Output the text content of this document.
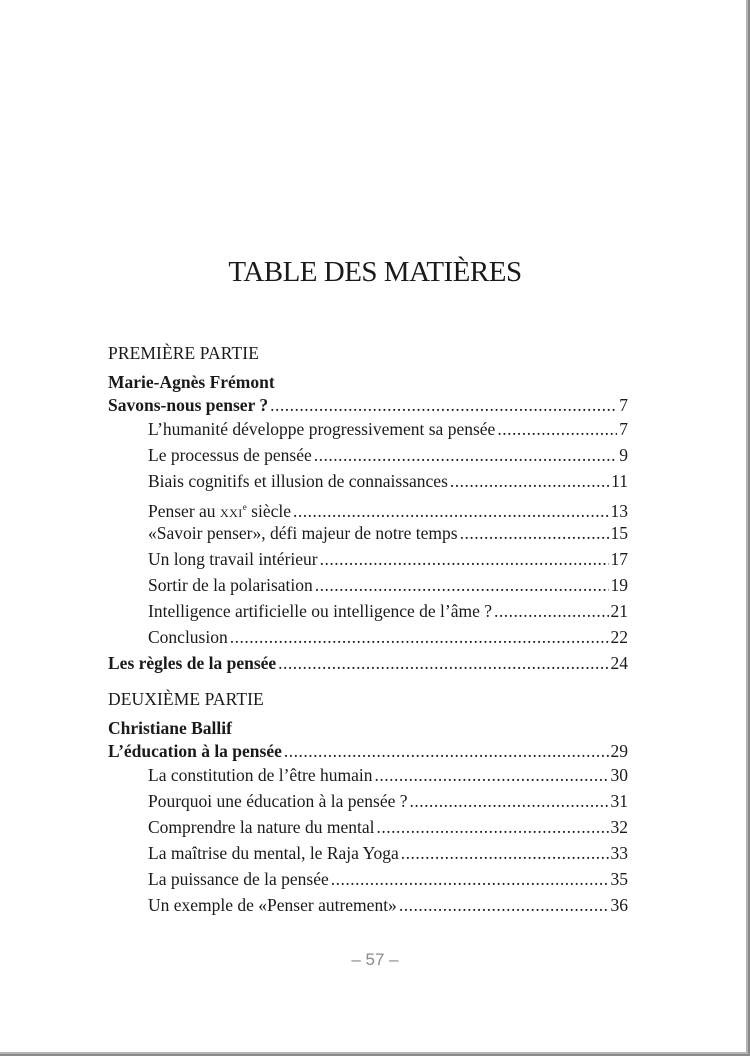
TABLE DES MATIÈRES
PREMIÈRE PARTIE
Marie-Agnès Frémont
Savons-nous penser ? .....	7
L’humanité développe progressivement sa pensée .....	7
Le processus de pensée .....	9
Biais cognitifs et illusion de connaissances .....	11
Penser au XXIe siècle .....	13
«Savoir penser», défi majeur de notre temps .....	15
Un long travail intérieur .....	17
Sortir de la polarisation .....	19
Intelligence artificielle ou intelligence de l’âme ? .....	21
Conclusion .....	22
Les règles de la pensée .....	24
DEUXIÈME PARTIE
Christiane Ballif
L’éducation à la pensée .....	29
La constitution de l’être humain .....	30
Pourquoi une éducation à la pensée ? .....	31
Comprendre la nature du mental .....	32
La maîtrise du mental, le Raja Yoga .....	33
La puissance de la pensée .....	35
Un exemple de «Penser autrement» .....	36
– 57 –
